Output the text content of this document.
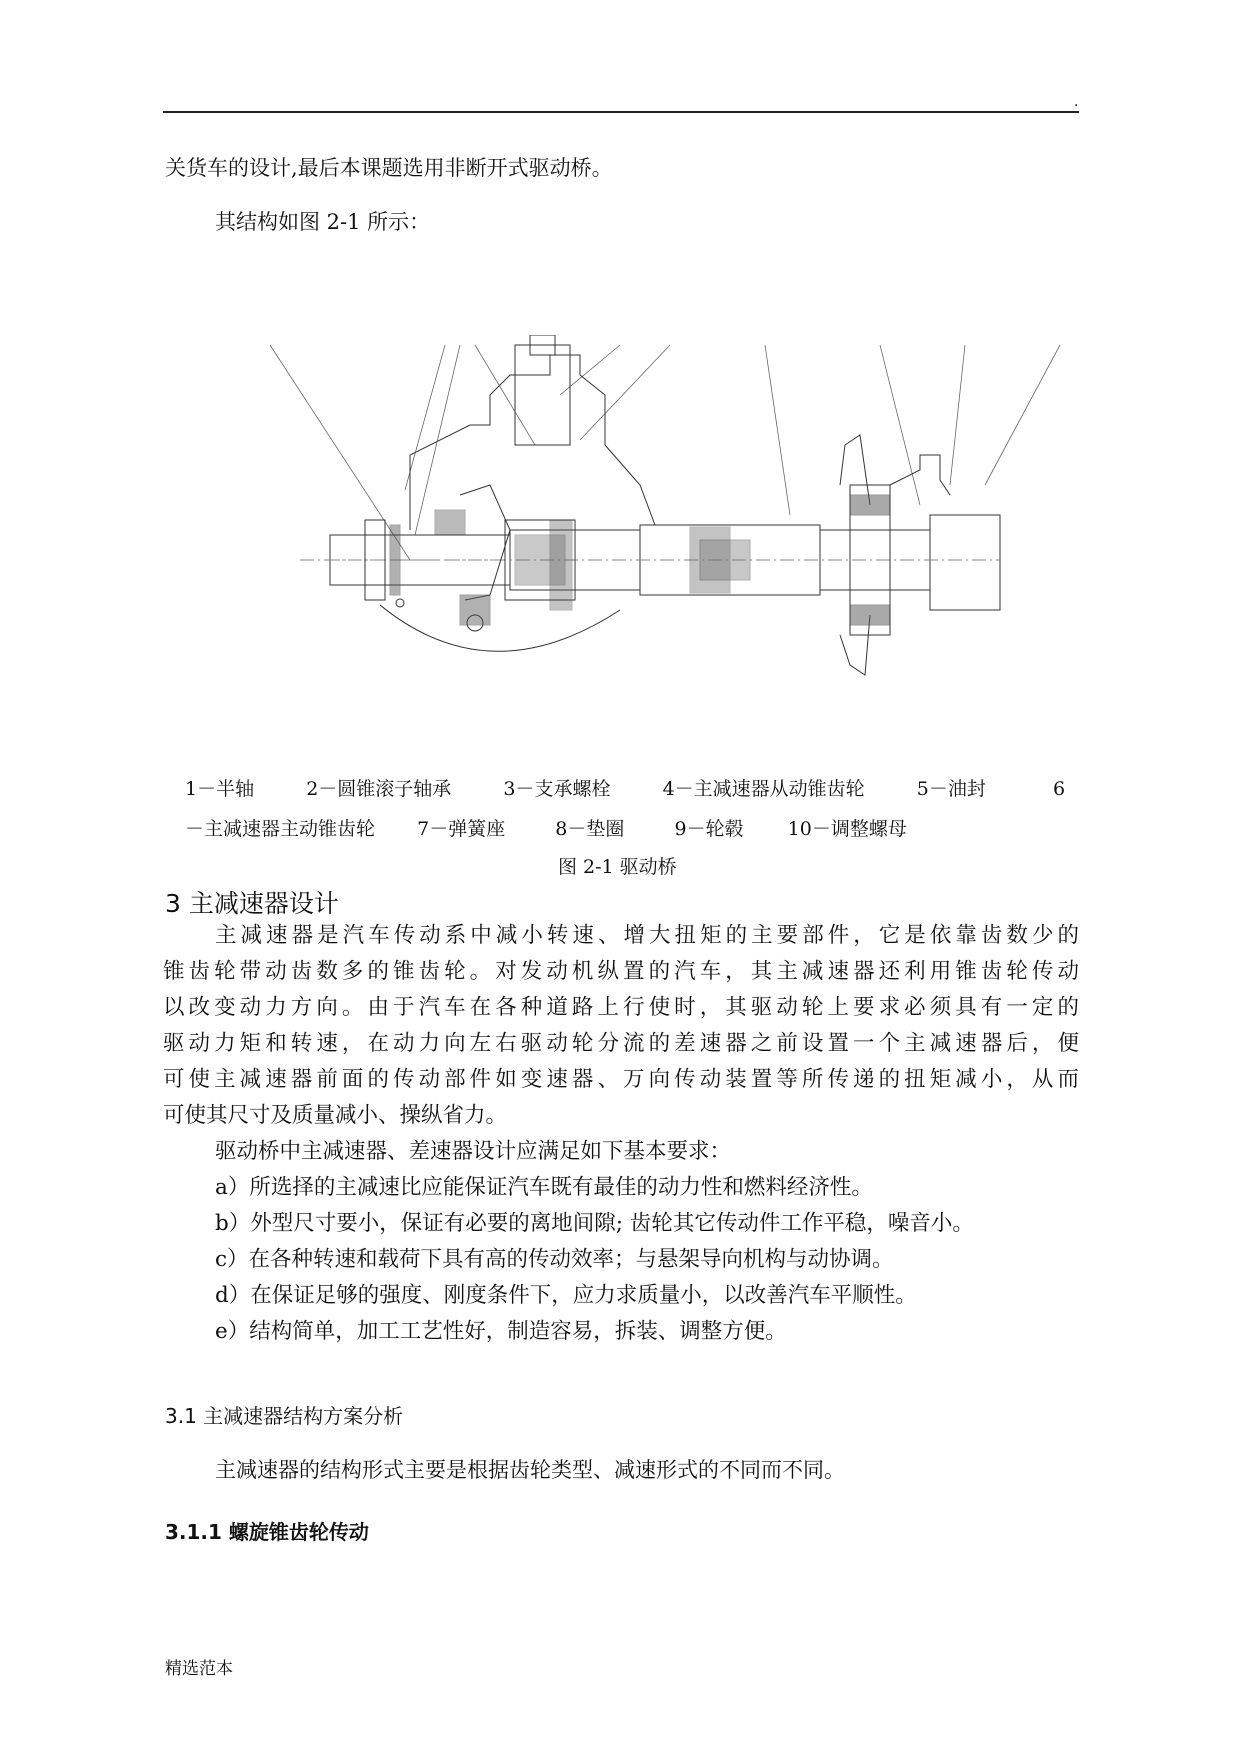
.
关货车的设计,最后本课题选用非断开式驱动桥。
其结构如图 2-1 所示：
1－半轴	2－圆锥滚子轴承	3－支承螺栓	4－主减速器从动锥齿轮	5－油封	6
－主减速器主动锥齿轮 7－弹簧座	8－垫圈	9－轮毂 10－调整螺母
图 2-1 驱动桥
3 主减速器设计
主减速器是汽车传动系中减小转速、增大扭矩的主要部件，它是依靠齿数少的
锥齿轮带动齿数多的锥齿轮。对发动机纵置的汽车，其主减速器还利用锥齿轮传动
以改变动力方向。由于汽车在各种道路上行使时，其驱动轮上要求必须具有一定的
驱动力矩和转速，在动力向左右驱动轮分流的差速器之前设置一个主减速器后，便
可使主减速器前面的传动部件如变速器、万向传动装置等所传递的扭矩减小，从而
可使其尺寸及质量减小、操纵省力。
驱动桥中主减速器、差速器设计应满足如下基本要求：
a）所选择的主减速比应能保证汽车既有最佳的动力性和燃料经济性。
b）外型尺寸要小，保证有必要的离地间隙; 齿轮其它传动件工作平稳，噪音小。
c）在各种转速和载荷下具有高的传动效率；与悬架导向机构与动协调。
d）在保证足够的强度、刚度条件下，应力求质量小，以改善汽车平顺性。
e）结构简单，加工工艺性好，制造容易，拆装、调整方便。
3.1 主减速器结构方案分析
主减速器的结构形式主要是根据齿轮类型、减速形式的不同而不同。
3.1.1 螺旋锥齿轮传动
精选范本
